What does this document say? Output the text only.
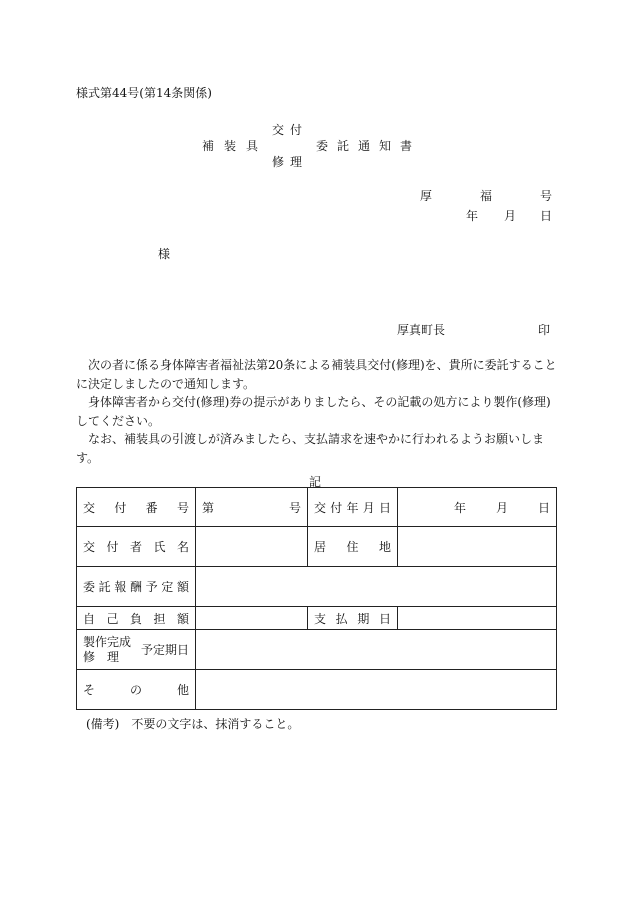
様式第44号(第14条関係)
交付
補装具	委託通知書
修理
厚	福	号
年 月 日
様
厚真町長	印

次の者に係る身体障害者福祉法第20条による補装具交付(修理)を、貴所に委託することに決定しましたので通知します。

身体障害者から交付(修理)券の提示がありましたら、その記載の処方により製作(修理)してください。

なお、補装具の引渡しが済みましたら、支払請求を速やかに行われるようお願いします。

記
交付番号	第 号	交付年月日	年 月 日

交付者氏名		居住地	

委託報酬予定額			

自己負担額		支払期日	

製作完成
修理 予定期日			

そ の 他			

(備考)　不要の文字は、抹消すること。
